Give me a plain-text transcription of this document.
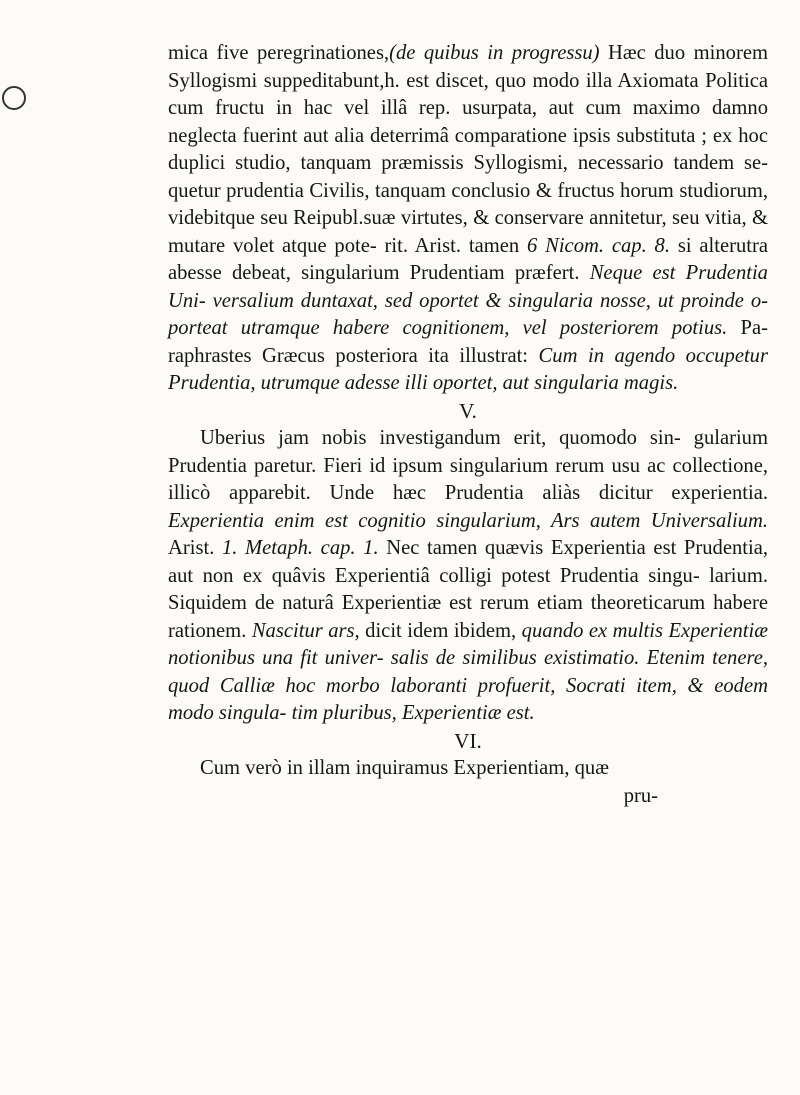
mica five peregrinationes,(de quibus in progressu) Hæc duo minorem Syllogismi suppeditabunt,h. est discet, quo modo illa Axiomata Politica cum fructu in hac vel illâ rep. usurpata, aut cum maximo damno neglecta fuerint aut alia deterrimâ comparatione ipsis substituta ; ex hoc duplici studio, tanquam præmissis Syllogismi, necessario tandem se- quetur prudentia Civilis, tanquam conclusio & fructus horum studiorum, videbitque seu Reipubl.suæ virtutes, & conservare annitetur, seu vitia, & mutare volet atque pote- rit. Arist. tamen 6 Nicom. cap. 8. si alterutra abesse debeat, singularium Prudentiam præfert. Neque est Prudentia Uni- versalium duntaxat, sed oportet & singularia nosse, ut proinde o- porteat utramque habere cognitionem, vel posteriorem potius. Pa- raphrastes Græcus posteriora ita illustrat: Cum in agendo occupetur Prudentia, utrumque adesse illi oportet, aut singularia magis.

V.

Uberius jam nobis investigandum erit, quomodo sin- gularium Prudentia paretur. Fieri id ipsum singularium rerum usu ac collectione, illicò apparebit. Unde hæc Prudentia aliàs dicitur experientia. Experientia enim est cognitio singularium, Ars autem Universalium. Arist. 1. Metaph. cap. 1. Nec tamen quævis Experientia est Prudentia, aut non ex quâvis Experientiâ colligi potest Prudentia singu- larium. Siquidem de naturâ Experientiæ est rerum etiam theoreticarum habere rationem. Nascitur ars, dicit idem ibidem, quando ex multis Experientiæ notionibus una fit univer- salis de similibus existimatio. Etenim tenere, quod Calliæ hoc morbo laboranti profuerit, Socrati item, & eodem modo singula- tim pluribus, Experientiæ est.

VI.

Cum verò in illam inquiramus Experientiam, quæ

pru-
